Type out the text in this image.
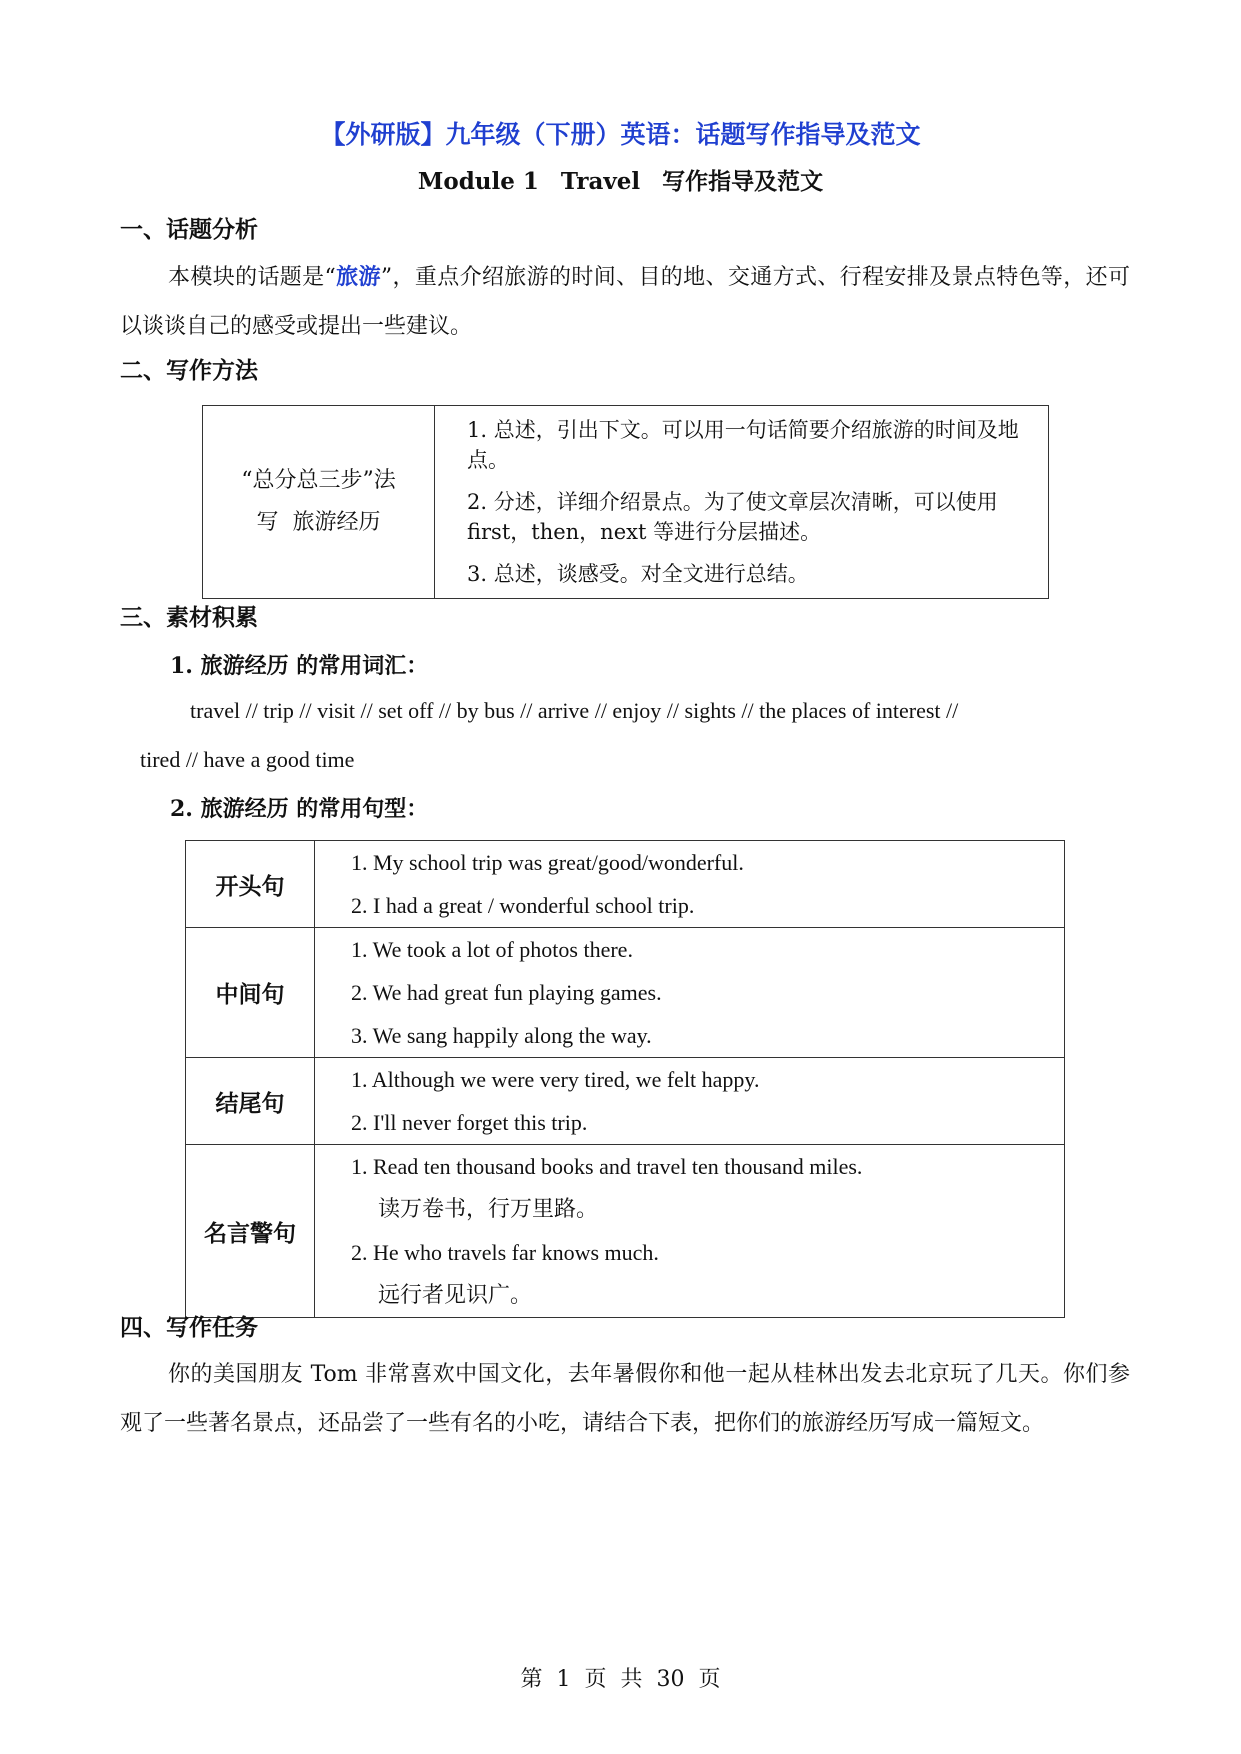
【外研版】九年级（下册）英语：话题写作指导及范文
Module 1 Travel 写作指导及范文
一、话题分析
本模块的话题是“旅游”，重点介绍旅游的时间、目的地、交通方式、行程安排及景点特色等，还可以谈谈自己的感受或提出一些建议。
二、写作方法
“总分总三步”法
写  旅游经历

1. 总述，引出下文。可以用一句话简要介绍旅游的时间及地点。

2. 分述，详细介绍景点。为了使文章层次清晰，可以使用 first，then，next 等进行分层描述。

3. 总述，谈感受。对全文进行总结。

三、素材积累
1. 旅游经历 的常用词汇：
travel // trip // visit // set off // by bus // arrive // enjoy // sights // the places of interest //
tired // have a good time
2. 旅游经历 的常用句型：
开头句	1. My school trip was great/good/wonderful.
2. I had a great / wonderful school trip.

中间句	1. We took a lot of photos there.
2. We had great fun playing games.
3. We sang happily along the way.

结尾句	1. Although we were very tired, we felt happy.
2. I'll never forget this trip.

名言警句	1. Read ten thousand books and travel ten thousand miles.
读万卷书，行万里路。
2. He who travels far knows much.
远行者见识广。
四、写作任务
你的美国朋友 Tom 非常喜欢中国文化，去年暑假你和他一起从桂林出发去北京玩了几天。你们参观了一些著名景点，还品尝了一些有名的小吃，请结合下表，把你们的旅游经历写成一篇短文。
第  1  页  共  30  页
